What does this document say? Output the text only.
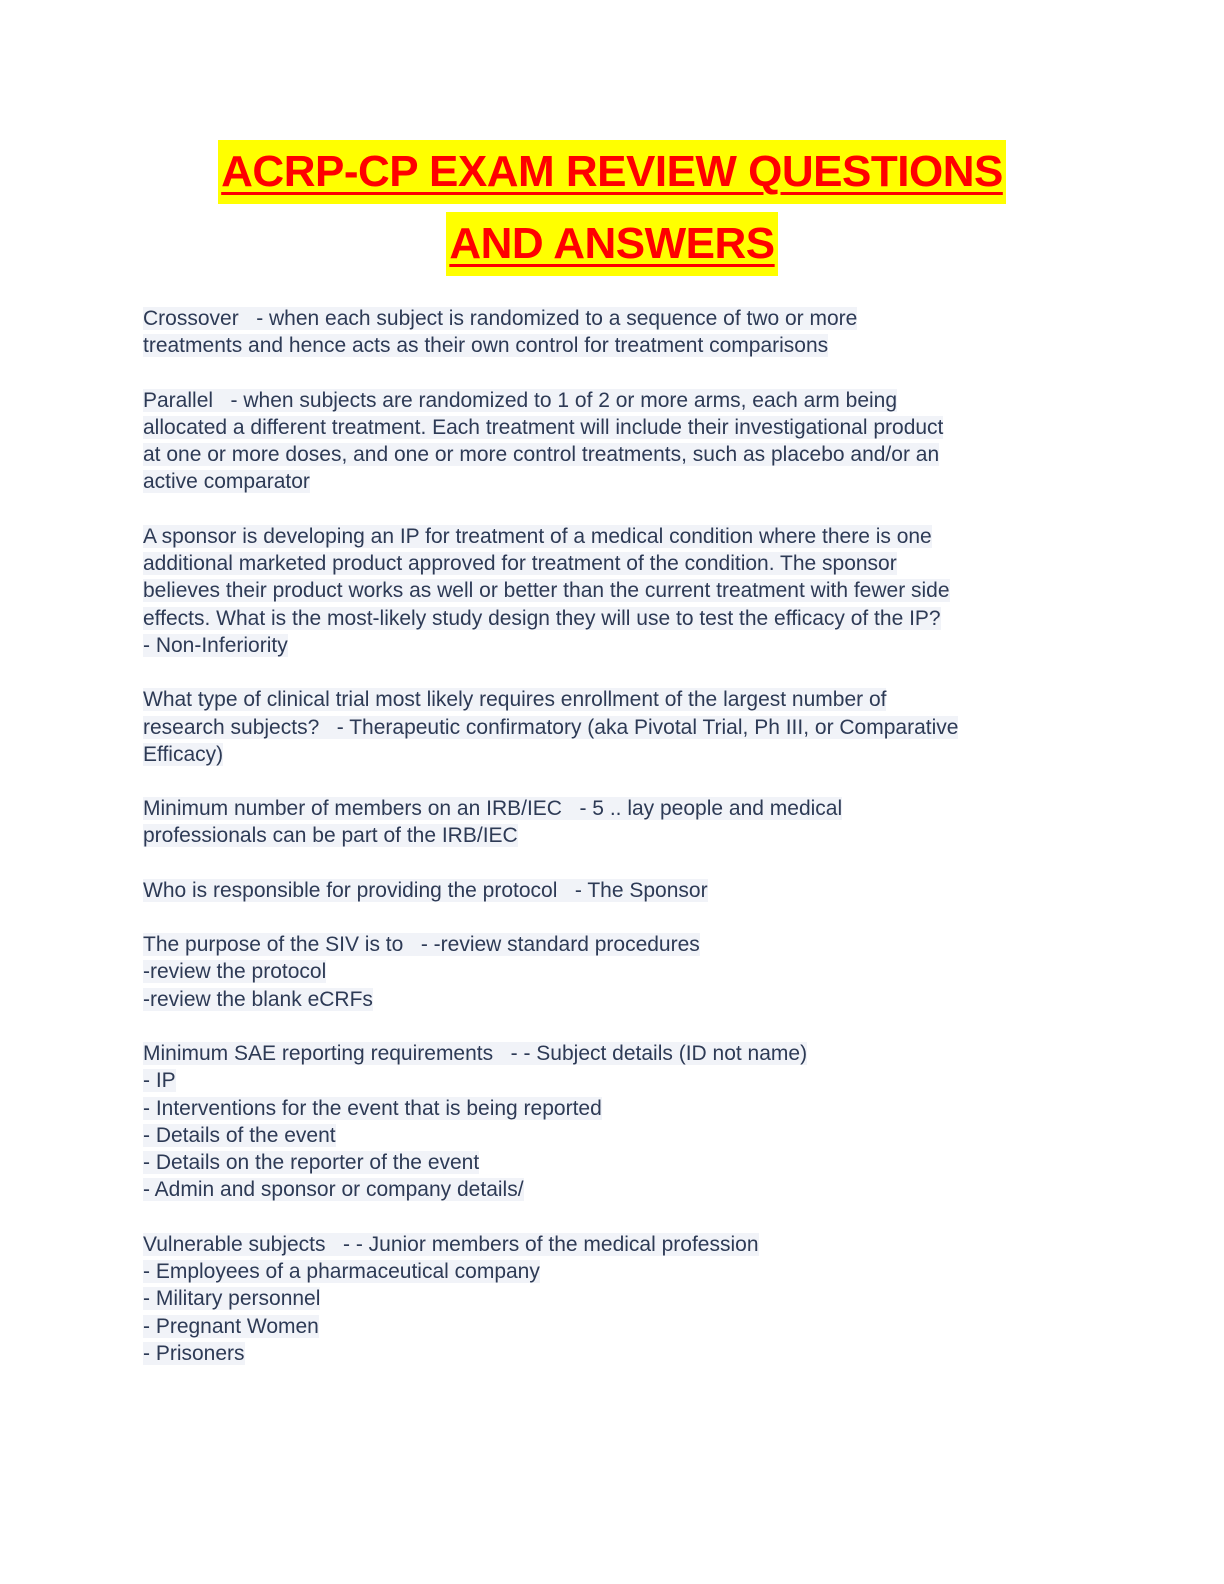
ACRP-CP EXAM REVIEW QUESTIONS
AND ANSWERS
Crossover   - when each subject is randomized to a sequence of two or more
treatments and hence acts as their own control for treatment comparisons
Parallel   - when subjects are randomized to 1 of 2 or more arms, each arm being
allocated a different treatment. Each treatment will include their investigational product
at one or more doses, and one or more control treatments, such as placebo and/or an
active comparator
A sponsor is developing an IP for treatment of a medical condition where there is one
additional marketed product approved for treatment of the condition. The sponsor
believes their product works as well or better than the current treatment with fewer side
effects. What is the most-likely study design they will use to test the efficacy of the IP?
- Non-Inferiority
What type of clinical trial most likely requires enrollment of the largest number of
research subjects?   - Therapeutic confirmatory (aka Pivotal Trial, Ph III, or Comparative
Efficacy)
Minimum number of members on an IRB/IEC   - 5 .. lay people and medical
professionals can be part of the IRB/IEC
Who is responsible for providing the protocol   - The Sponsor
The purpose of the SIV is to   - -review standard procedures
-review the protocol
-review the blank eCRFs
Minimum SAE reporting requirements   - - Subject details (ID not name)
- IP
- Interventions for the event that is being reported
- Details of the event
- Details on the reporter of the event
- Admin and sponsor or company details/
Vulnerable subjects   - - Junior members of the medical profession
- Employees of a pharmaceutical company
- Military personnel
- Pregnant Women
- Prisoners
